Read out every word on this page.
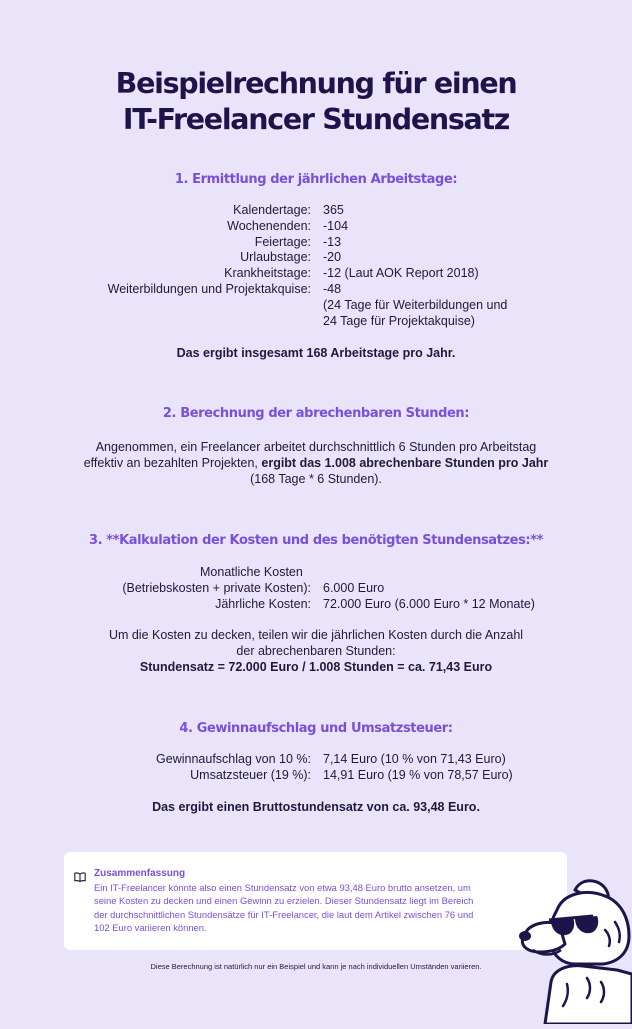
Beispielrechnung für einen
IT-Freelancer Stundensatz
1. Ermittlung der jährlichen Arbeitstage:
Kalendertage: 365
Wochenenden: -104
Feiertage: -13
Urlaubstage: -20
Krankheitstage: -12 (Laut AOK Report 2018)
Weiterbildungen und Projektakquise: -48
(24 Tage für Weiterbildungen und
24 Tage für Projektakquise)
Das ergibt insgesamt 168 Arbeitstage pro Jahr.
2. Berechnung der abrechenbaren Stunden:
Angenommen, ein Freelancer arbeitet durchschnittlich 6 Stunden pro Arbeitstag
effektiv an bezahlten Projekten, ergibt das 1.008 abrechenbare Stunden pro Jahr
(168 Tage * 6 Stunden).
3. **Kalkulation der Kosten und des benötigten Stundensatzes:**
Monatliche Kosten
(Betriebskosten + private Kosten): 6.000 Euro
Jährliche Kosten: 72.000 Euro (6.000 Euro * 12 Monate)
Um die Kosten zu decken, teilen wir die jährlichen Kosten durch die Anzahl
der abrechenbaren Stunden:
Stundensatz = 72.000 Euro / 1.008 Stunden = ca. 71,43 Euro
4. Gewinnaufschlag und Umsatzsteuer:
Gewinnaufschlag von 10 %: 7,14 Euro (10 % von 71,43 Euro)
Umsatzsteuer (19 %): 14,91 Euro (19 % von 78,57 Euro)
Das ergibt einen Bruttostundensatz von ca. 93,48 Euro.
Zusammenfassung
Ein IT-Freelancer könnte also einen Stundensatz von etwa 93,48 Euro brutto ansetzen, um
seine Kosten zu decken und einen Gewinn zu erzielen. Dieser Stundensatz liegt im Bereich
der durchschnittlichen Stundensätze für IT-Freelancer, die laut dem Artikel zwischen 76 und
102 Euro variieren können.
Diese Berechnung ist natürlich nur ein Beispiel und kann je nach individuellen Umständen variieren.
